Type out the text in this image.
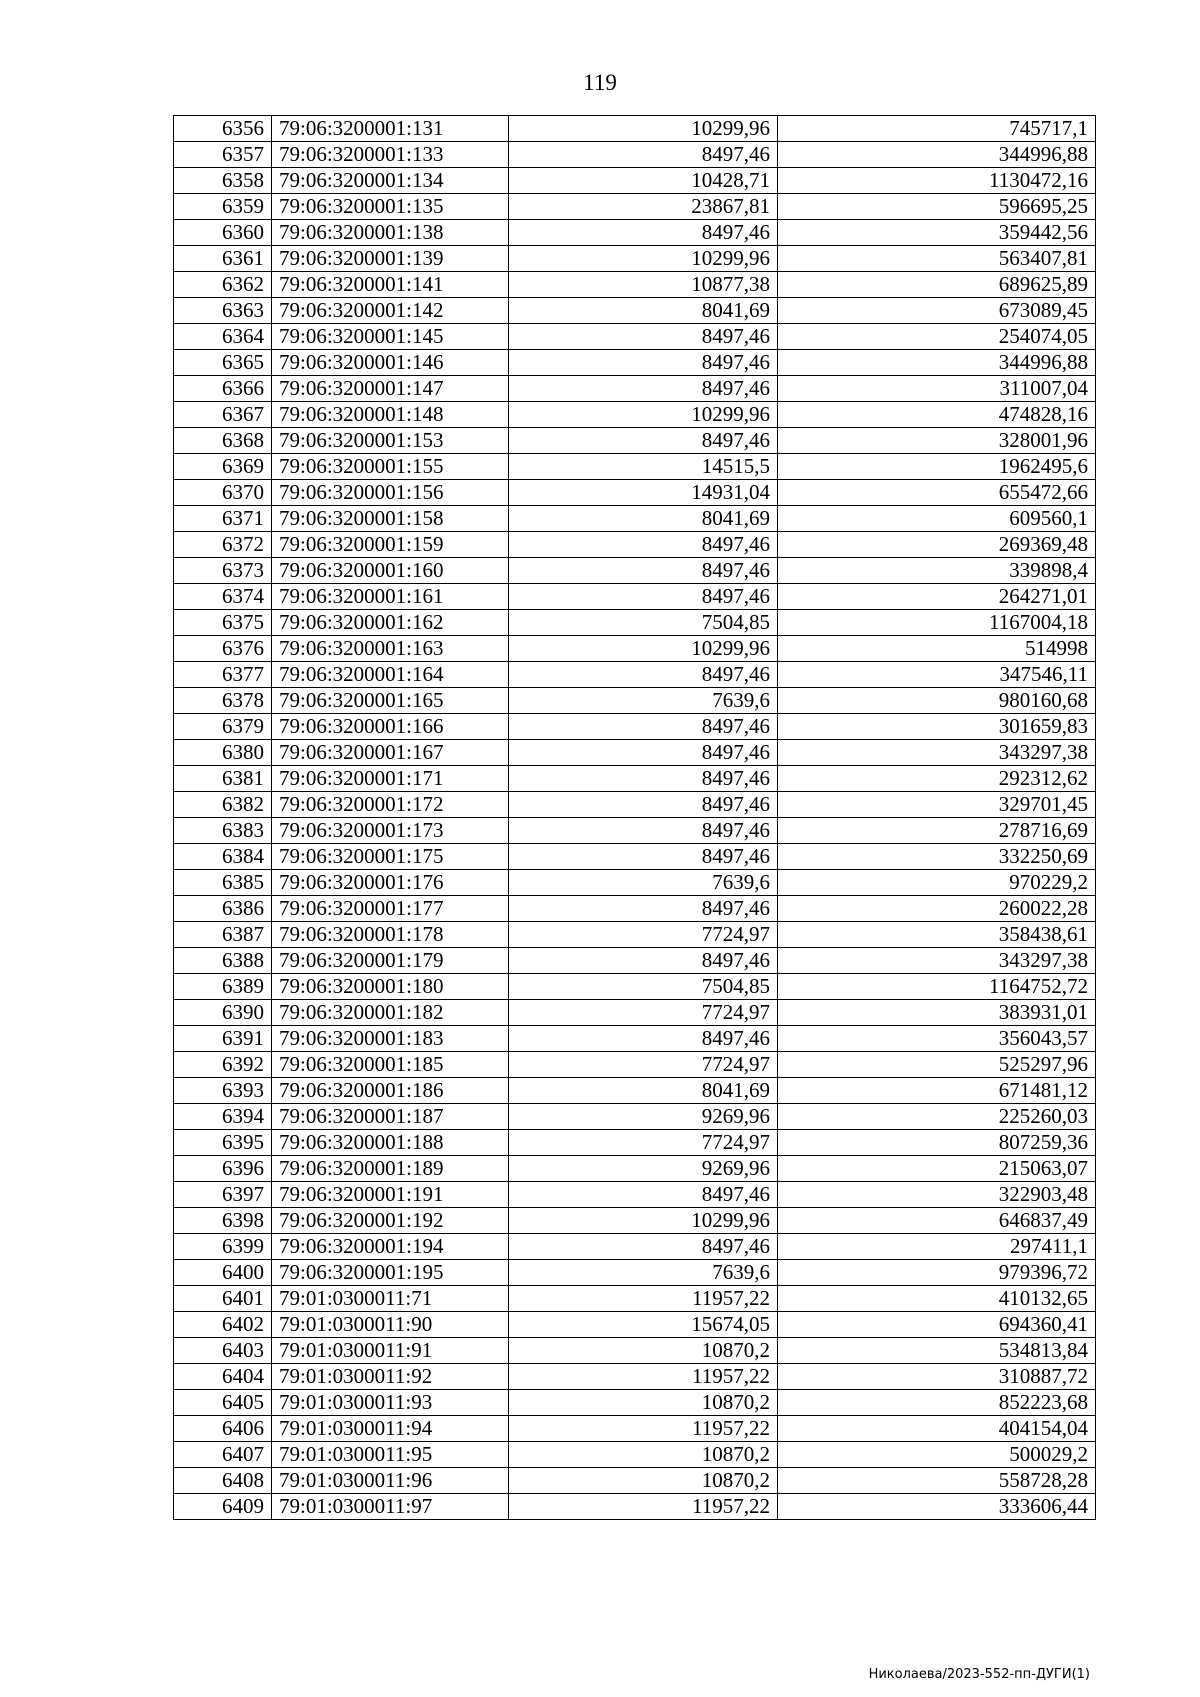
119
6356	79:06:3200001:131	10299,96	745717,1
6357	79:06:3200001:133	8497,46	344996,88
6358	79:06:3200001:134	10428,71	1130472,16
6359	79:06:3200001:135	23867,81	596695,25
6360	79:06:3200001:138	8497,46	359442,56
6361	79:06:3200001:139	10299,96	563407,81
6362	79:06:3200001:141	10877,38	689625,89
6363	79:06:3200001:142	8041,69	673089,45
6364	79:06:3200001:145	8497,46	254074,05
6365	79:06:3200001:146	8497,46	344996,88
6366	79:06:3200001:147	8497,46	311007,04
6367	79:06:3200001:148	10299,96	474828,16
6368	79:06:3200001:153	8497,46	328001,96
6369	79:06:3200001:155	14515,5	1962495,6
6370	79:06:3200001:156	14931,04	655472,66
6371	79:06:3200001:158	8041,69	609560,1
6372	79:06:3200001:159	8497,46	269369,48
6373	79:06:3200001:160	8497,46	339898,4
6374	79:06:3200001:161	8497,46	264271,01
6375	79:06:3200001:162	7504,85	1167004,18
6376	79:06:3200001:163	10299,96	514998
6377	79:06:3200001:164	8497,46	347546,11
6378	79:06:3200001:165	7639,6	980160,68
6379	79:06:3200001:166	8497,46	301659,83
6380	79:06:3200001:167	8497,46	343297,38
6381	79:06:3200001:171	8497,46	292312,62
6382	79:06:3200001:172	8497,46	329701,45
6383	79:06:3200001:173	8497,46	278716,69
6384	79:06:3200001:175	8497,46	332250,69
6385	79:06:3200001:176	7639,6	970229,2
6386	79:06:3200001:177	8497,46	260022,28
6387	79:06:3200001:178	7724,97	358438,61
6388	79:06:3200001:179	8497,46	343297,38
6389	79:06:3200001:180	7504,85	1164752,72
6390	79:06:3200001:182	7724,97	383931,01
6391	79:06:3200001:183	8497,46	356043,57
6392	79:06:3200001:185	7724,97	525297,96
6393	79:06:3200001:186	8041,69	671481,12
6394	79:06:3200001:187	9269,96	225260,03
6395	79:06:3200001:188	7724,97	807259,36
6396	79:06:3200001:189	9269,96	215063,07
6397	79:06:3200001:191	8497,46	322903,48
6398	79:06:3200001:192	10299,96	646837,49
6399	79:06:3200001:194	8497,46	297411,1
6400	79:06:3200001:195	7639,6	979396,72
6401	79:01:0300011:71	11957,22	410132,65
6402	79:01:0300011:90	15674,05	694360,41
6403	79:01:0300011:91	10870,2	534813,84
6404	79:01:0300011:92	11957,22	310887,72
6405	79:01:0300011:93	10870,2	852223,68
6406	79:01:0300011:94	11957,22	404154,04
6407	79:01:0300011:95	10870,2	500029,2
6408	79:01:0300011:96	10870,2	558728,28
6409	79:01:0300011:97	11957,22	333606,44
Николаева/2023-552-пп-ДУГИ(1)
